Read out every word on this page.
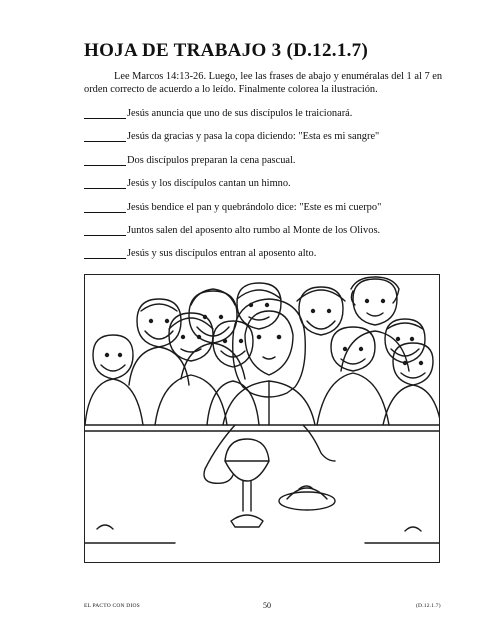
HOJA DE TRABAJO 3 (D.12.1.7)

Lee Marcos 14:13-26. Luego, lee las frases de abajo y enuméralas del 1 al 7 en orden correcto de acuerdo a lo leído. Finalmente colorea la ilustración.

Jesús anuncia que uno de sus discípulos le traicionará.
Jesús da gracias y pasa la copa diciendo: "Esta es mi sangre"
Dos discípulos preparan la cena pascual.
Jesús y los discípulos cantan un himno.
Jesús bendice el pan y quebrándolo dice: "Este es mi cuerpo"
Juntos salen del aposento alto rumbo al Monte de los Olivos.
Jesús y sus discípulos entran al aposento alto.
EL PACTO CON DIOS	50	(D.12.1.7)
